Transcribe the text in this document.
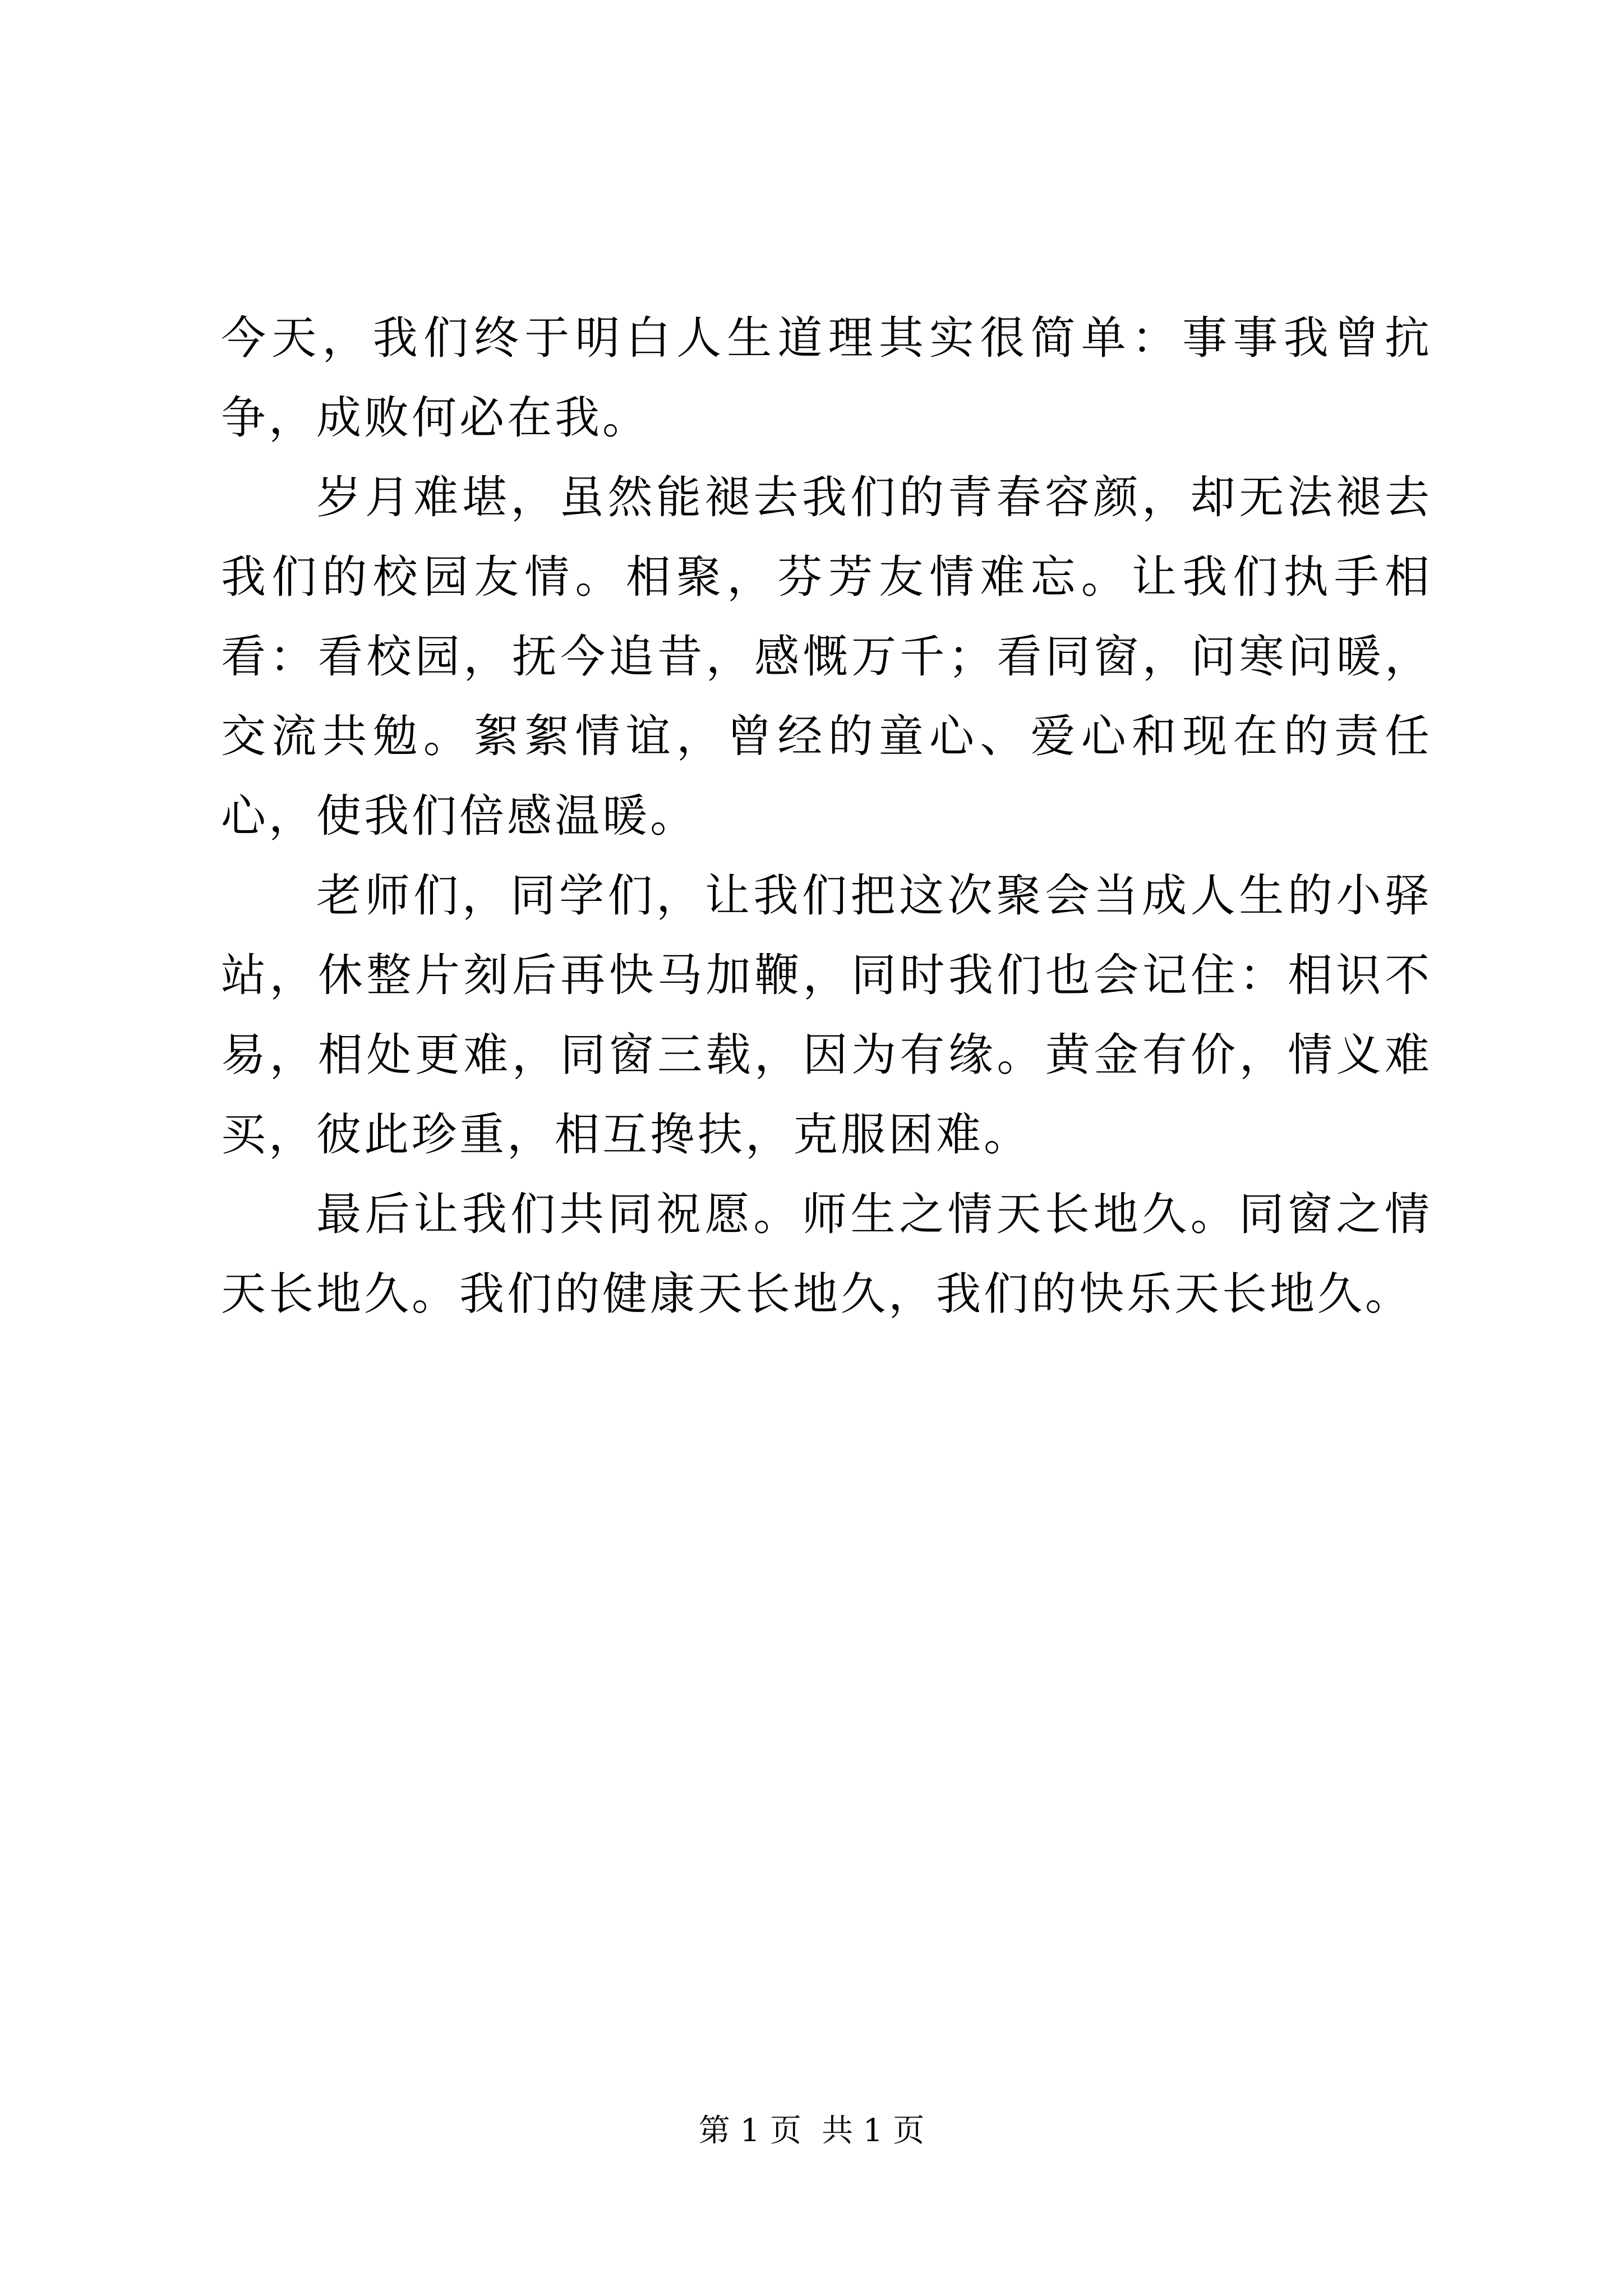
今天，我们终于明白人生道理其实很简单：事事我曾抗争，成败何必在我。

岁月难堪，虽然能褪去我们的青春容颜，却无法褪去我们的校园友情。相聚，芬芳友情难忘。让我们执手相看：看校园，抚今追昔，感慨万千；看同窗，问寒问暖，交流共勉。絮絮情谊，曾经的童心、爱心和现在的责任心，使我们倍感温暖。

老师们，同学们，让我们把这次聚会当成人生的小驿站，休整片刻后再快马加鞭，同时我们也会记住：相识不易，相处更难，同窗三载，因为有缘。黄金有价，情义难买，彼此珍重，相互搀扶，克服困难。

最后让我们共同祝愿。师生之情天长地久。同窗之情天长地久。我们的健康天长地久，我们的快乐天长地久。

第 1 页 共 1 页
